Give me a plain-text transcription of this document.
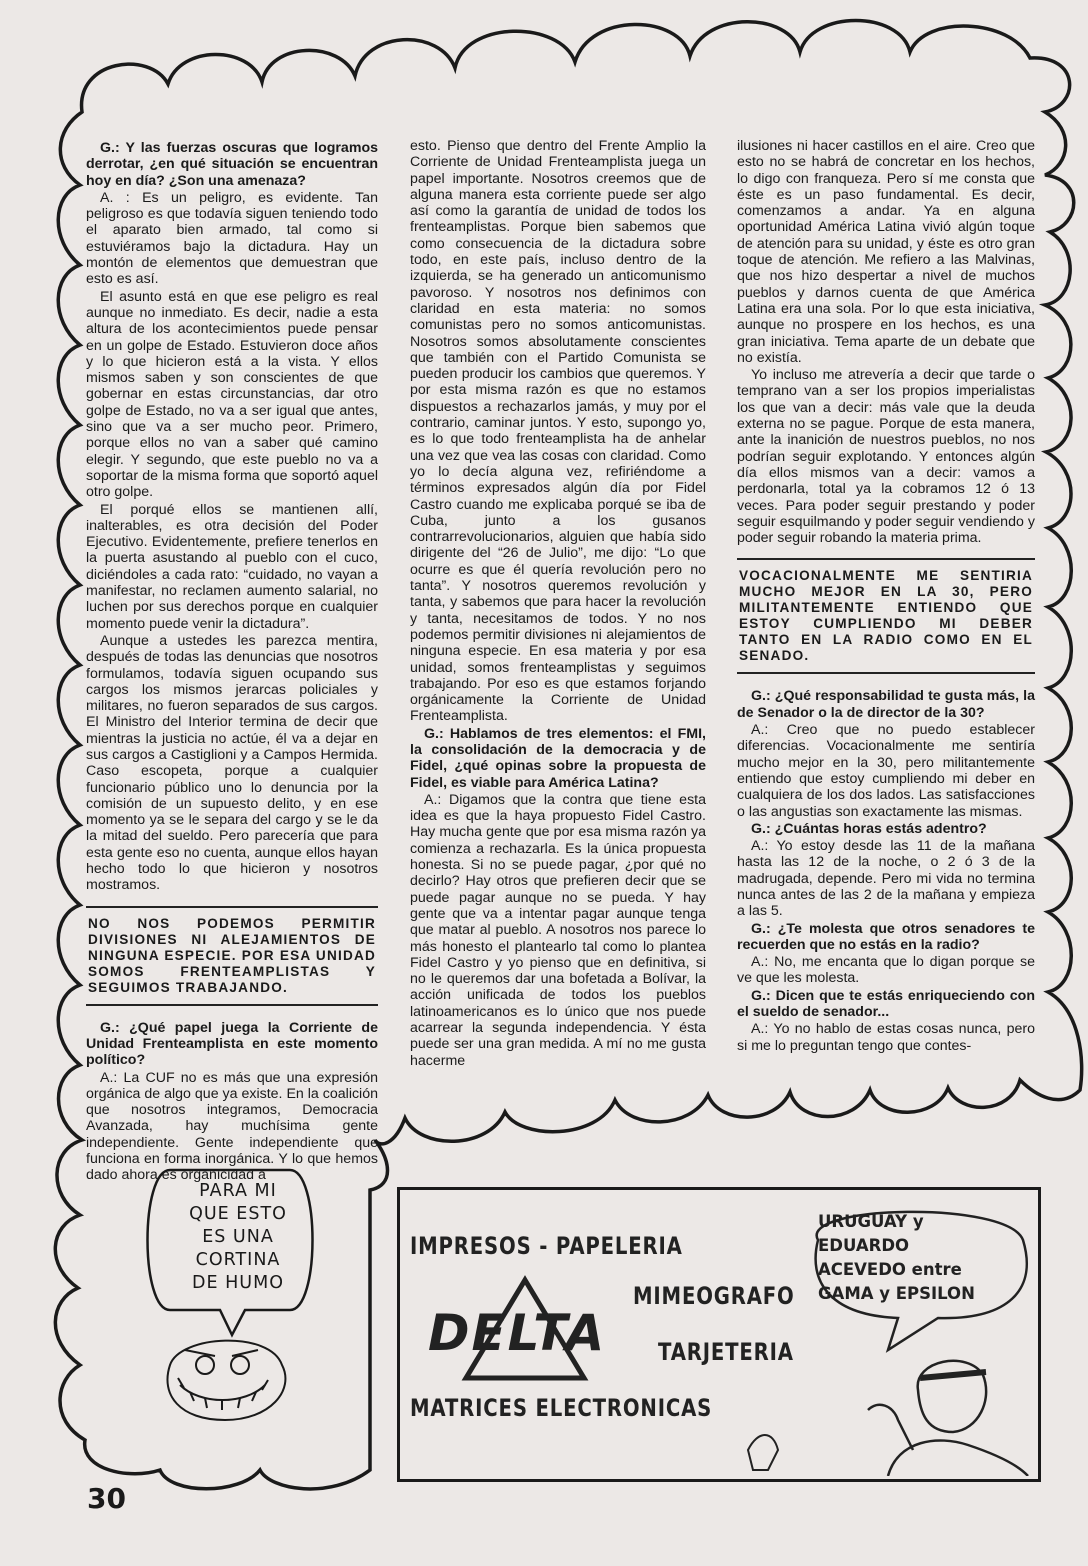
G.: Y las fuerzas oscuras que logramos derrotar, ¿en qué situación se encuentran hoy en día? ¿Son una amenaza?

A. : Es un peligro, es evidente. Tan peligroso es que todavía siguen teniendo todo el aparato bien armado, tal como si estuviéramos bajo la dictadura. Hay un montón de elementos que demuestran que esto es así.

El asunto está en que ese peligro es real aunque no inmediato. Es decir, nadie a esta altura de los acontecimientos puede pensar en un golpe de Estado. Estuvieron doce años y lo que hicieron está a la vista. Y ellos mismos saben y son conscientes de que gobernar en estas circunstancias, dar otro golpe de Estado, no va a ser igual que antes, sino que va a ser mucho peor. Primero, porque ellos no van a saber qué camino elegir. Y segundo, que este pueblo no va a soportar de la misma forma que soportó aquel otro golpe.

El porqué ellos se mantienen allí, inalterables, es otra decisión del Poder Ejecutivo. Evidentemente, prefiere tenerlos en la puerta asustando al pueblo con el cuco, diciéndoles a cada rato: “cuidado, no vayan a manifestar, no reclamen aumento salarial, no luchen por sus derechos porque en cualquier momento puede venir la dictadura”.

Aunque a ustedes les parezca mentira, después de todas las denuncias que nosotros formulamos, todavía siguen ocupando sus cargos los mismos jerarcas policiales y militares, no fueron separados de sus cargos. El Ministro del Interior termina de decir que mientras la justicia no actúe, él va a dejar en sus cargos a Castiglioni y a Campos Hermida. Caso escopeta, porque a cualquier funcionario público uno lo denuncia por la comisión de un supuesto delito, y en ese momento ya se le separa del cargo y se le da la mitad del sueldo. Pero parecería que para esta gente eso no cuenta, aunque ellos hayan hecho todo lo que hicieron y nosotros mostramos.

NO NOS PODEMOS PERMITIR DIVISIONES NI ALEJAMIENTOS DE NINGUNA ESPECIE. POR ESA UNIDAD SOMOS FRENTEAMPLISTAS Y SEGUIMOS TRABAJANDO.

G.: ¿Qué papel juega la Corriente de Unidad Frenteamplista en este momento político?

A.: La CUF no es más que una expresión orgánica de algo que ya existe. En la coalición que nosotros integramos, Democracia Avanzada, hay muchísima gente independiente. Gente independiente que funciona en forma inorgánica. Y lo que hemos dado ahora es organicidad a

esto. Pienso que dentro del Frente Amplio la Corriente de Unidad Frenteamplista juega un papel importante. Nosotros creemos que de alguna manera esta corriente puede ser algo así como la garantía de unidad de todos los frenteamplistas. Porque bien sabemos que como consecuencia de la dictadura sobre todo, en este país, incluso dentro de la izquierda, se ha generado un anticomunismo pavoroso. Y nosotros nos definimos con claridad en esta materia: no somos comunistas pero no somos anticomunistas. Nosotros somos absolutamente conscientes que también con el Partido Comunista se pueden producir los cambios que queremos. Y por esta misma razón es que no estamos dispuestos a rechazarlos jamás, y muy por el contrario, caminar juntos. Y esto, supongo yo, es lo que todo frenteamplista ha de anhelar una vez que vea las cosas con claridad. Como yo lo decía alguna vez, refiriéndome a términos expresados algún día por Fidel Castro cuando me explicaba porqué se iba de Cuba, junto a los gusanos contrarrevolucionarios, alguien que había sido dirigente del “26 de Julio”, me dijo: “Lo que ocurre es que él quería revolución pero no tanta”. Y nosotros queremos revolución y tanta, y sabemos que para hacer la revolución y tanta, necesitamos de todos. Y no nos podemos permitir divisiones ni alejamientos de ninguna especie. En esa materia y por esa unidad, somos frenteamplistas y seguimos trabajando. Por eso es que estamos forjando orgánicamente la Corriente de Unidad Frenteamplista.

G.: Hablamos de tres elementos: el FMI, la consolidación de la democracia y de Fidel, ¿qué opinas sobre la propuesta de Fidel, es viable para América Latina?

A.: Digamos que la contra que tiene esta idea es que la haya propuesto Fidel Castro. Hay mucha gente que por esa misma razón ya comienza a rechazarla. Es la única propuesta honesta. Si no se puede pagar, ¿por qué no decirlo? Hay otros que prefieren decir que se puede pagar aunque no se pueda. Y hay gente que va a intentar pagar aunque tenga que matar al pueblo. A nosotros nos parece lo más honesto el plantearlo tal como lo plantea Fidel Castro y yo pienso que en definitiva, si no le queremos dar una bofetada a Bolívar, la acción unificada de todos los pueblos latinoamericanos es lo único que nos puede acarrear la segunda independencia. Y ésta puede ser una gran medida. A mí no me gusta hacerme

ilusiones ni hacer castillos en el aire. Creo que esto no se habrá de concretar en los hechos, lo digo con franqueza. Pero sí me consta que éste es un paso fundamental. Es decir, comenzamos a andar. Ya en alguna oportunidad América Latina vivió algún toque de atención para su unidad, y éste es otro gran toque de atención. Me refiero a las Malvinas, que nos hizo despertar a nivel de muchos pueblos y darnos cuenta de que América Latina era una sola. Por lo que esta iniciativa, aunque no prospere en los hechos, es una gran iniciativa. Tema aparte de un debate que no existía.

Yo incluso me atrevería a decir que tarde o temprano van a ser los propios imperialistas los que van a decir: más vale que la deuda externa no se pague. Porque de esta manera, ante la inanición de nuestros pueblos, no nos podrían seguir explotando. Y entonces algún día ellos mismos van a decir: vamos a perdonarla, total ya la cobramos 12 ó 13 veces. Para poder seguir prestando y poder seguir esquilmando y poder seguir vendiendo y poder seguir robando la materia prima.

VOCACIONALMENTE ME SENTIRIA MUCHO MEJOR EN LA 30, PERO MILITANTEMENTE ENTIENDO QUE ESTOY CUMPLIENDO MI DEBER TANTO EN LA RADIO COMO EN EL SENADO.

G.: ¿Qué responsabilidad te gusta más, la de Senador o la de director de la 30?

A.: Creo que no puedo establecer diferencias. Vocacionalmente me sentiría mucho mejor en la 30, pero militantemente entiendo que estoy cumpliendo mi deber en cualquiera de los dos lados. Las satisfacciones o las angustias son exactamente las mismas.

G.: ¿Cuántas horas estás adentro?

A.: Yo estoy desde las 11 de la mañana hasta las 12 de la noche, o 2 ó 3 de la madrugada, depende. Pero mi vida no termina nunca antes de las 2 de la mañana y empieza a las 5.

G.: ¿Te molesta que otros senadores te recuerden que no estás en la radio?

A.: No, me encanta que lo digan porque se ve que les molesta.

G.: Dicen que te estás enriqueciendo con el sueldo de senador...

A.: Yo no hablo de estas cosas nunca, pero si me lo preguntan tengo que contes-

PARA MI
QUE ESTO
ES UNA
CORTINA
DE HUMO
IMPRESOS - PAPELERIA
MIMEOGRAFO
DELTA TARJETERIA
MATRICES ELECTRONICAS
URUGUAY y
EDUARDO
ACEVEDO entre
GAMA y EPSILON
30
